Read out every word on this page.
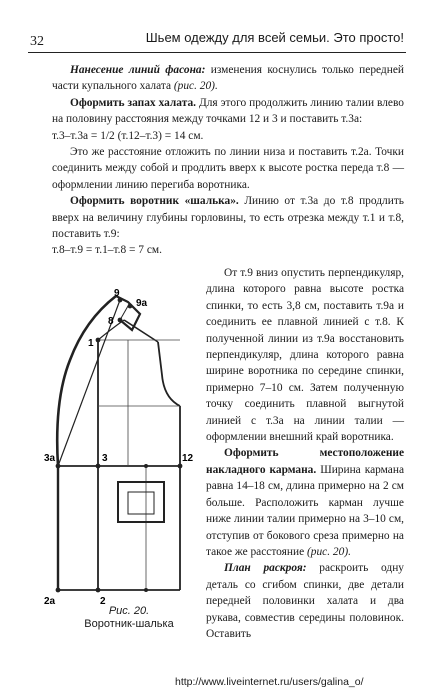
32	Шьем одежду для всей семьи. Это просто!

Нанесение линий фасона: изменения коснулись только передней части купального халата (рис. 20).

Оформить запах халата. Для этого продолжить линию талии влево на половину расстояния между точками 12 и 3 и поставить т.3а:

т.3–т.3а = 1/2 (т.12–т.3) = 14 см.

Это же расстояние отложить по линии низа и поставить т.2а. Точки соединить между собой и продлить вверх к высоте ростка переда т.8 — оформлении линию перегиба воротника.

Оформить воротник «шалька». Линию от т.3а до т.8 продлить вверх на величину глубины горловины, то есть отрезка между т.1 и т.8, поставить т.9:

т.8–т.9 = т.1–т.8 = 7 см.

От т.9 вниз опустить перпендикуляр, длина которого равна высоте ростка спинки, то есть 3,8 см, поставить т.9а и соединить ее плавной линией с т.8. К полученной линии из т.9а восстановить перпендикуляр, длина которого равна ширине воротника по середине спинки, примерно 7–10 см. Затем полученную точку соединить плавной выгнутой линией с т.3а на линии талии — оформлении внешний край воротника.

Оформить местоположение накладного кармана. Ширина кармана равна 14–18 см, длина примерно на 2 см больше. Расположить карман лучше ниже линии талии примерно на 3–10 см, отступив от бокового среза примерно на такое же расстояние (рис. 20).

План раскроя: раскроить одну деталь со сгибом спинки, две детали передней половинки халата и два рукава, совместив середины половинок. Оставить

9
9а
8
1
3а	3	12
2а	2
Рис. 20.
Воротник-шалька
http://www.liveinternet.ru/users/galina_o/
